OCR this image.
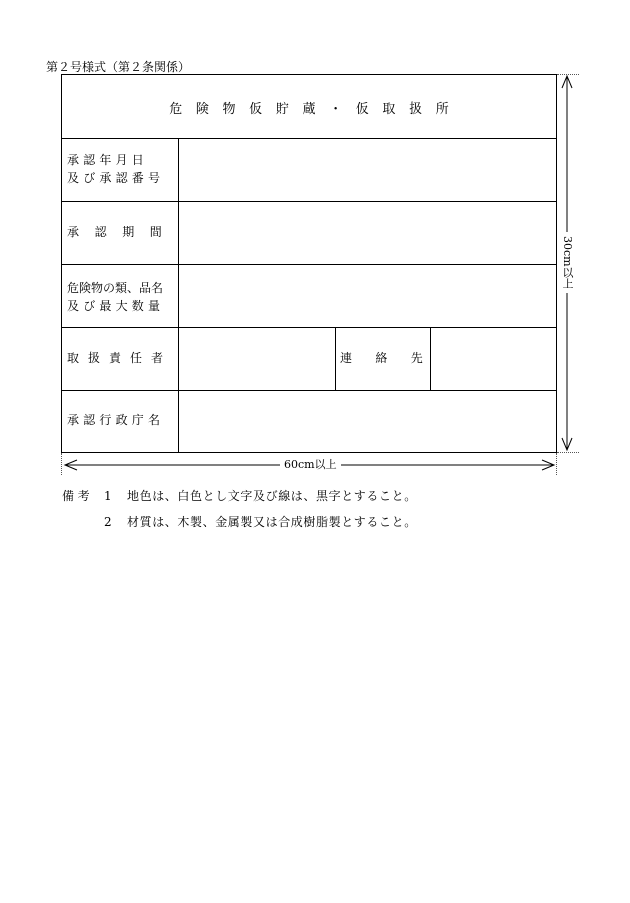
第２号様式（第２条関係）
危険物仮貯蔵・仮取扱所
承認年月日
及び承認番号
承認期間
危険物の類、品名
及び最大数量
取扱責任者	連絡先
承認行政庁名
30cm以上
60cm以上
備考 1 地色は、白色とし文字及び線は、黒字とすること。
2 材質は、木製、金属製又は合成樹脂製とすること。
